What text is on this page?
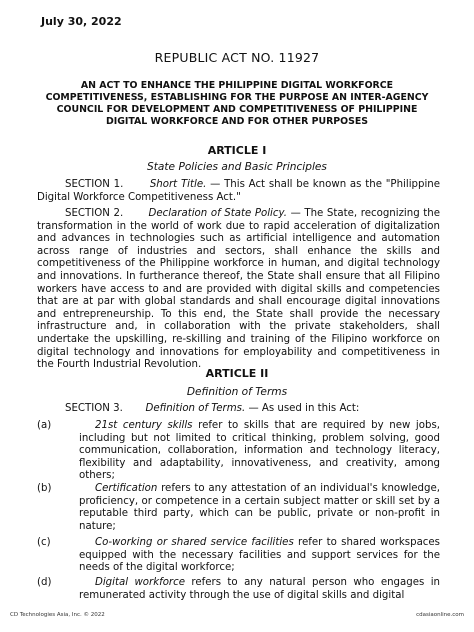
July 30, 2022
REPUBLIC ACT NO. 11927
AN ACT TO ENHANCE THE PHILIPPINE DIGITAL WORKFORCE COMPETITIVENESS, ESTABLISHING FOR THE PURPOSE AN INTER-AGENCY COUNCIL FOR DEVELOPMENT AND COMPETITIVENESS OF PHILIPPINE DIGITAL WORKFORCE AND FOR OTHER PURPOSES
ARTICLE I
State Policies and Basic Principles
SECTION 1.	Short Title. — This Act shall be known as the "Philippine Digital Workforce Competitiveness Act."
SECTION 2. Declaration of State Policy. — The State, recognizing the transformation in the world of work due to rapid acceleration of digitalization and advances in technologies such as artificial intelligence and automation across range of industries and sectors, shall enhance the skills and competitiveness of the Philippine workforce in human, and digital technology and innovations. In furtherance thereof, the State shall ensure that all Filipino workers have access to and are provided with digital skills and competencies that are at par with global standards and shall encourage digital innovations and entrepreneurship. To this end, the State shall provide the necessary infrastructure and, in collaboration with the private stakeholders, shall undertake the upskilling, re-skilling and training of the Filipino workforce on digital technology and innovations for employability and competitiveness in the Fourth Industrial Revolution.
ARTICLE II
Definition of Terms
SECTION 3. Definition of Terms. — As used in this Act:
(a)	21st century skills refer to skills that are required by new jobs, including but not limited to critical thinking, problem solving, good communication, collaboration, information and technology literacy, flexibility and adaptability, innovativeness, and creativity, among others;
(b)	Certification refers to any attestation of an individual's knowledge, proficiency, or competence in a certain subject matter or skill set by a reputable third party, which can be public, private or non-profit in nature;
(c)	Co-working or shared service facilities refer to shared workspaces equipped with the necessary facilities and support services for the needs of the digital workforce;
(d)	Digital workforce refers to any natural person who engages in remunerated activity through the use of digital skills and digital
CD Technologies Asia, Inc. © 2022	cdasiaonline.com
